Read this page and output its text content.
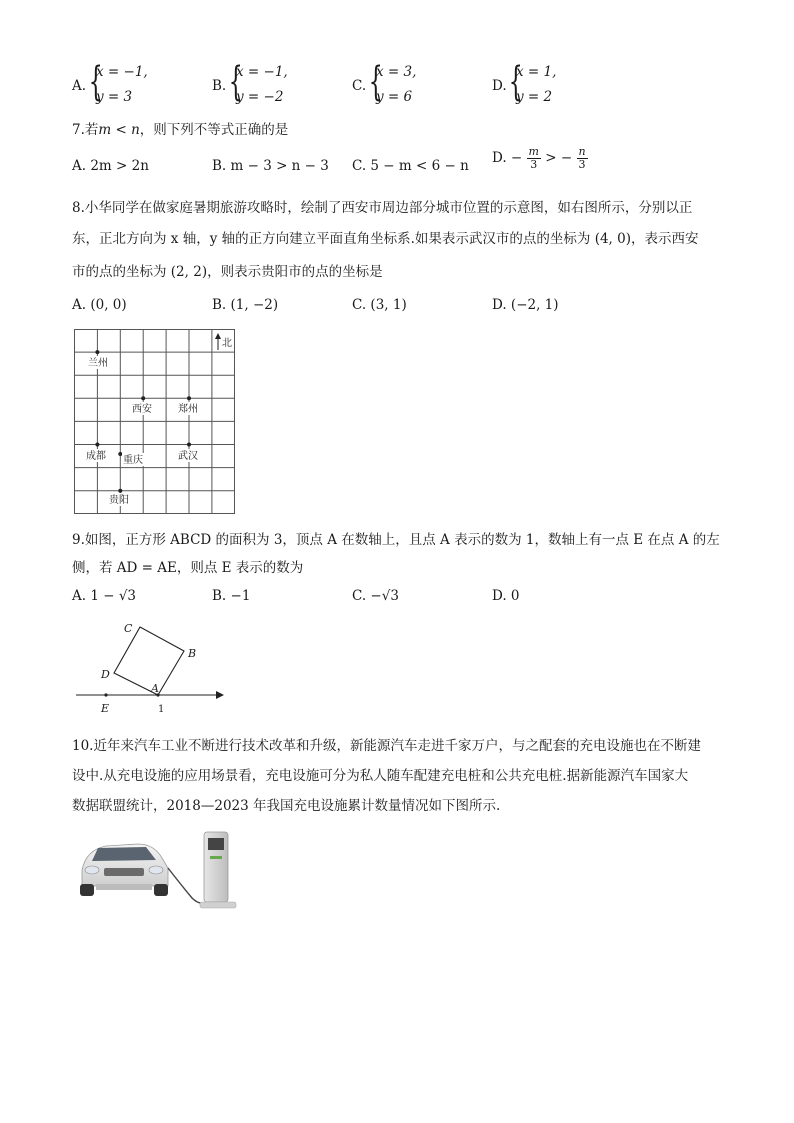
A. {
x = −1,
y = 3
B. {
x = −1,
y = −2
C. {
x = 3,
y = 6
D. {
x = 1,
y = 2
7.若m < n，则下列不等式正确的是
A. 2m > 2n	B. m − 3 > n − 3 C. 5 − m < 6 − n D. − $\frac{m}{3}$ > − $\frac{n}{3}$
8.小华同学在做家庭暑期旅游攻略时，绘制了西安市周边部分城市位置的示意图，如右图所示，分别以正
东，正北方向为 x 轴，y 轴的正方向建立平面直角坐标系.如果表示武汉市的点的坐标为 (4, 0)，表示西安
市的点的坐标为 (2, 2)，则表示贵阳市的点的坐标是
A. (0, 0)	B. (1, −2)	C. (3, 1)	D. (−2, 1)
北
兰州
西安	郑州
成都 重庆	武汉
贵阳
9.如图，正方形 ABCD 的面积为 3，顶点 A 在数轴上，且点 A 表示的数为 1，数轴上有一点 E 在点 A 的左
侧，若 AD = AE，则点 E 表示的数为
A. 1 − √3	B. −1	C. −√3	D. 0
C
B
D
A
E	1
10.近年来汽车工业不断进行技术改革和升级，新能源汽车走进千家万户，与之配套的充电设施也在不断建
设中.从充电设施的应用场景看，充电设施可分为私人随车配建充电桩和公共充电桩.据新能源汽车国家大
数据联盟统计，2018—2023 年我国充电设施累计数量情况如下图所示.
